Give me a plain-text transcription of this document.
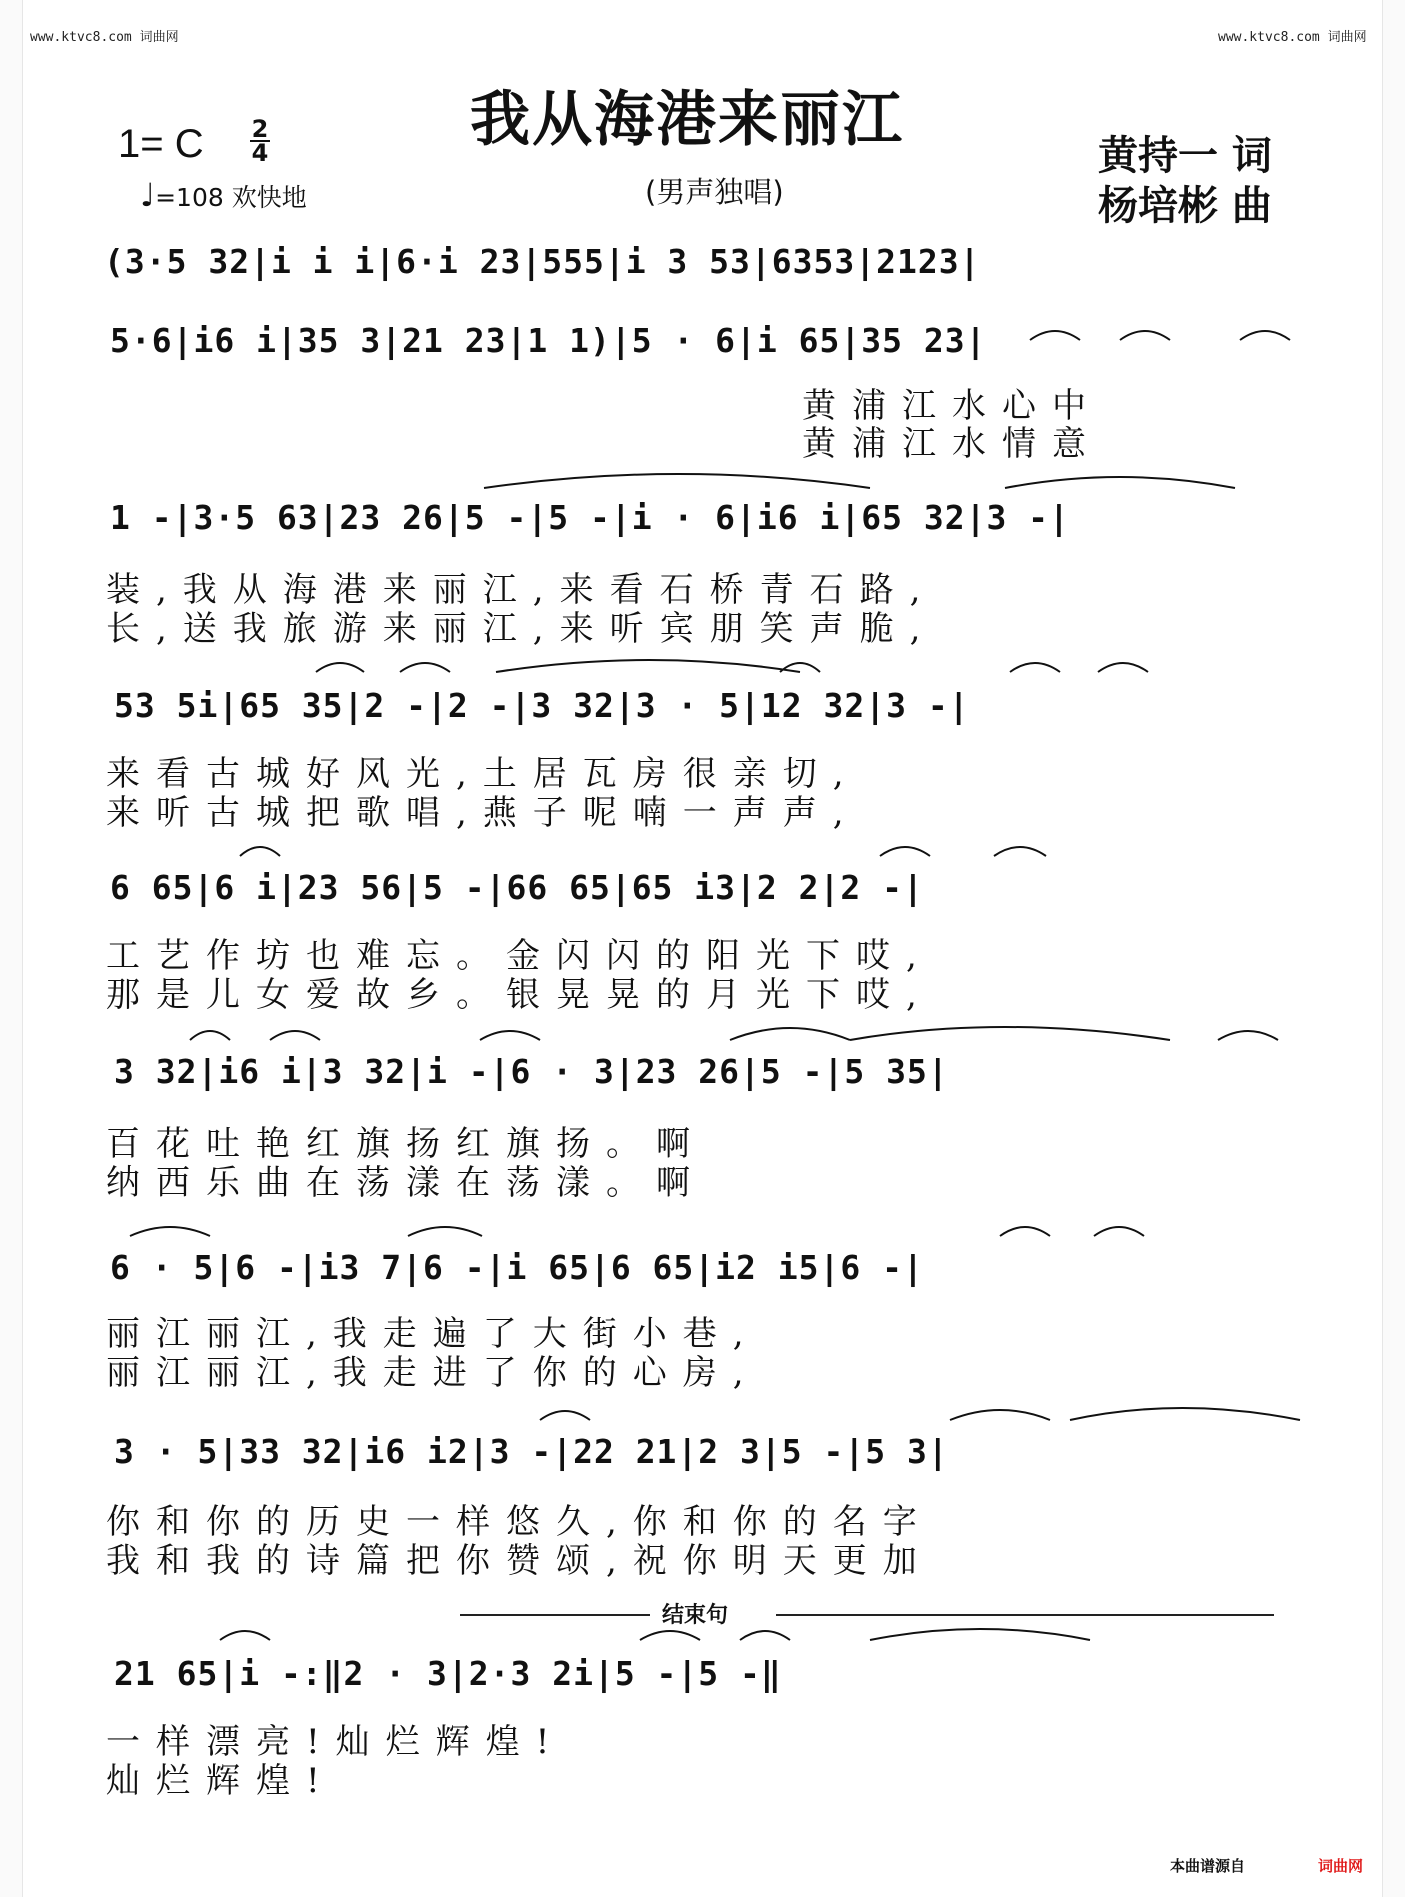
www.ktvc8.com 词曲网	www.ktvc8.com 词曲网
我从海港来丽江
1= C 2
4
♩=108 欢快地	(男声独唱)
黄持一 词
杨培彬 曲
(3·5 32|i i i|6·i 23|555|i 3 53|6353|2123|
5·6|i6 i|35 3|21 23|1 1)|5 · 6|i 65|35 23|
黄浦江水心中
黄浦江水情意
1 -|3·5 63|23 26|5 -|5 -|i · 6|i6 i|65 32|3 -|
装,我从海港来丽江,来看石桥青石路,
长,送我旅游来丽江,来听宾朋笑声脆,
53 5i|65 35|2 -|2 -|3 32|3 · 5|12 32|3 -|
来看古城好风光,土居瓦房很亲切,
来听古城把歌唱,燕子呢喃一声声,
6 65|6 i|23 56|5 -|66 65|65 i3|2 2|2 -|
工艺作坊也难忘。金闪闪的阳光下哎,
那是儿女爱故乡。银晃晃的月光下哎,
3 32|i6 i|3 32|i -|6 · 3|23 26|5 -|5 35|
百花吐艳红旗扬红旗扬。啊
纳西乐曲在荡漾在荡漾。啊
6 · 5|6 -|i3 7|6 -|i 65|6 65|i2 i5|6 -|
丽江丽江,我走遍了大街小巷,
丽江丽江,我走进了你的心房,
3 · 5|33 32|i6 i2|3 -|22 21|2 3|5 -|5 3|
你和你的历史一样悠久,你和你的名字
我和我的诗篇把你赞颂,祝你明天更加
结束句
21 65|i -:‖2 · 3|2·3 2i|5 -|5 -‖
一样漂亮!灿烂辉煌!
灿烂辉煌!
本曲谱源自	词曲网
